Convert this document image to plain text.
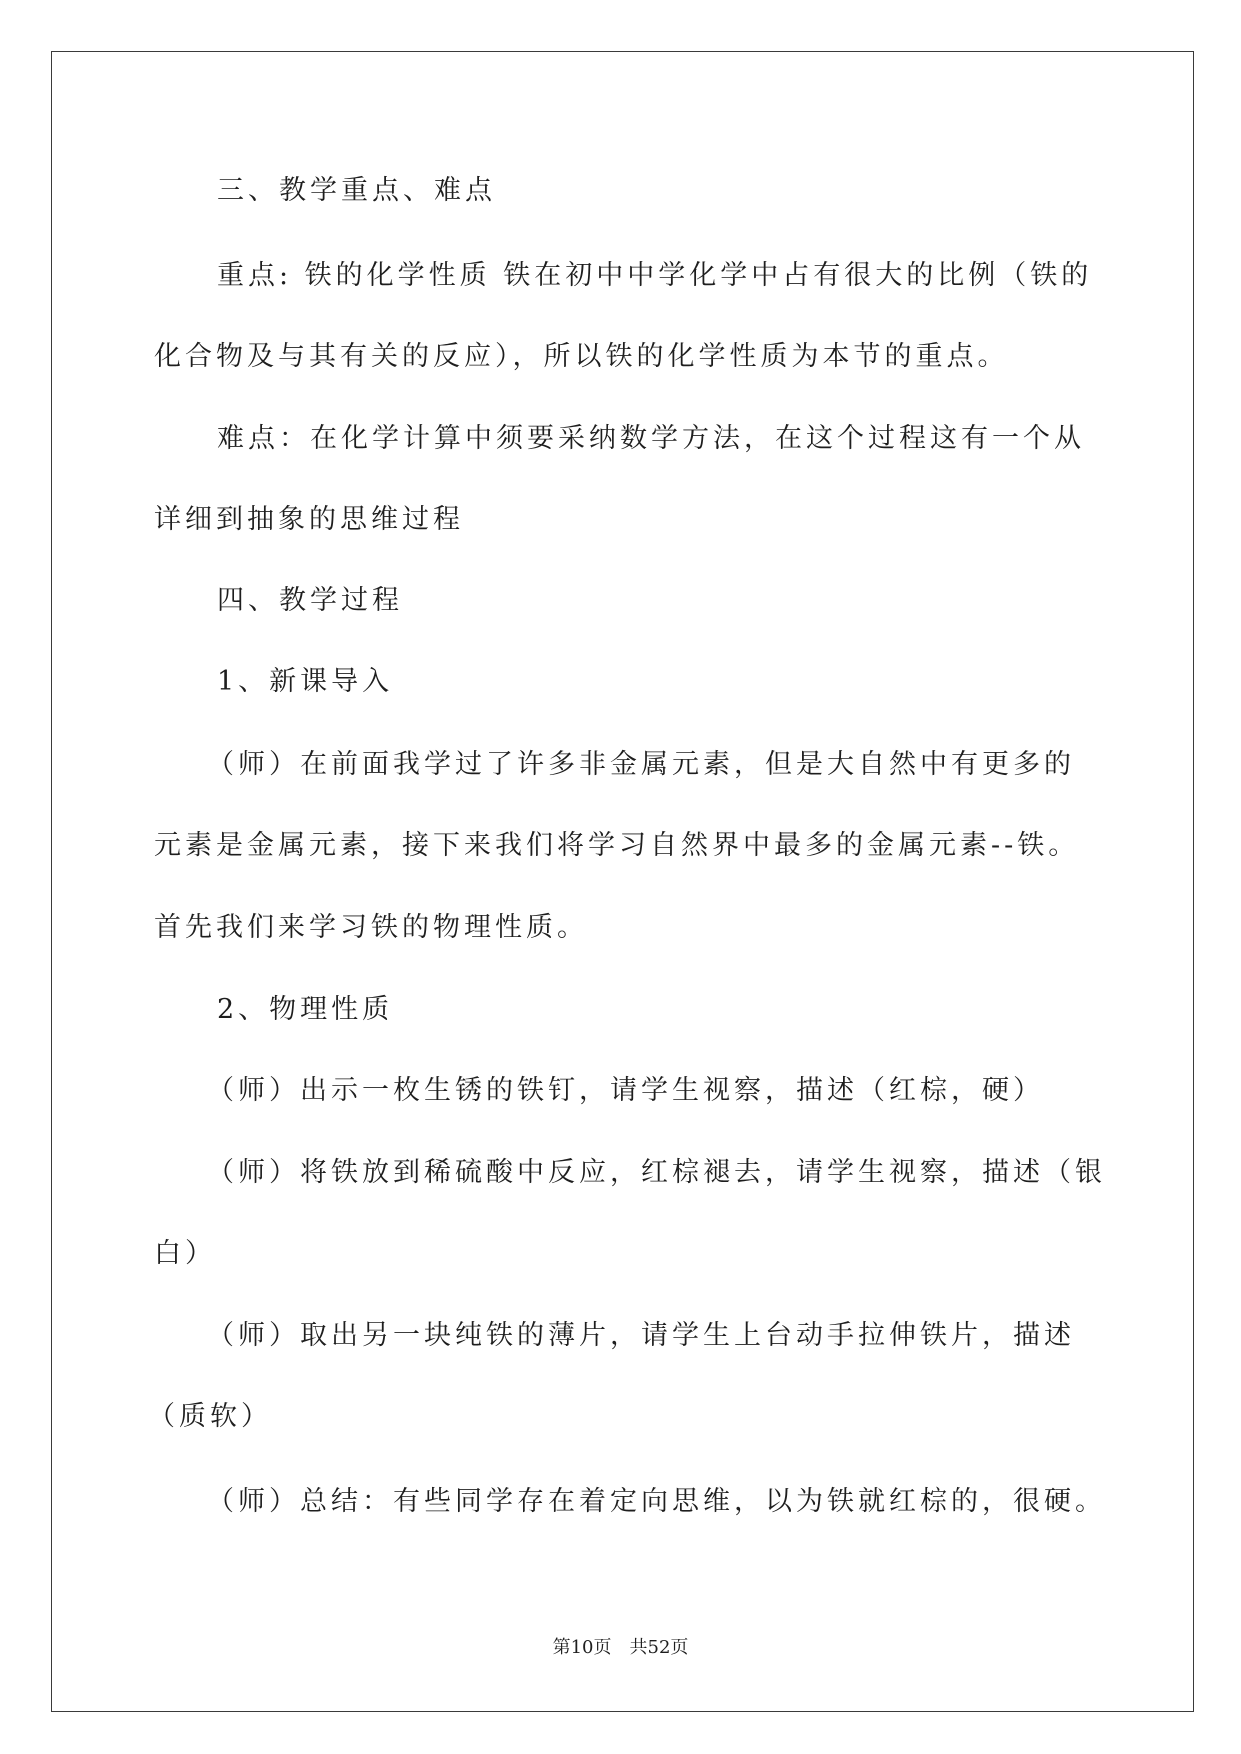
三、教学重点、难点
重点: 铁的化学性质 铁在初中中学化学中占有很大的比例（铁的
化合物及与其有关的反应），所以铁的化学性质为本节的重点。
难点：在化学计算中须要采纳数学方法，在这个过程这有一个从
详细到抽象的思维过程
四、教学过程
1、新课导入
（师）在前面我学过了许多非金属元素，但是大自然中有更多的
元素是金属元素，接下来我们将学习自然界中最多的金属元素--铁。
首先我们来学习铁的物理性质。
2、物理性质
（师）出示一枚生锈的铁钉，请学生视察，描述（红棕，硬）
（师）将铁放到稀硫酸中反应，红棕褪去，请学生视察，描述（银
白）
（师）取出另一块纯铁的薄片，请学生上台动手拉伸铁片，描述
（质软）
（师）总结：有些同学存在着定向思维，以为铁就红棕的，很硬。
第10页　共52页
